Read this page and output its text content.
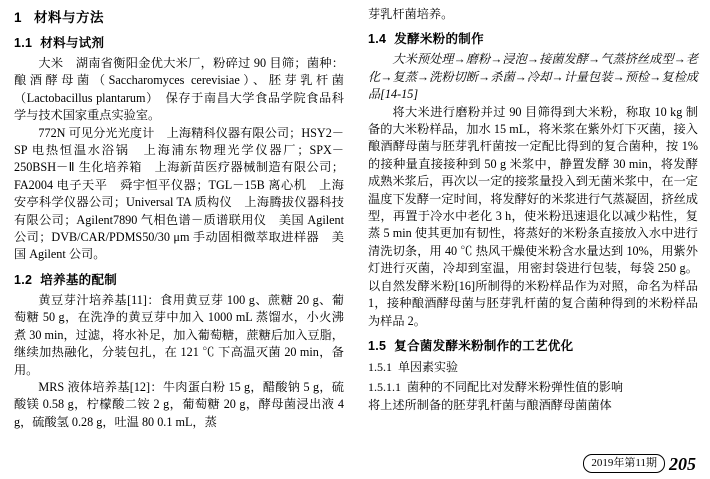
1 材料与方法
1.1 材料与试剂

大米　湖南省衡阳金优大米厂，粉碎过 90 目筛；菌种：酿酒酵母菌（Saccharomyces cerevisiae）、胚芽乳杆菌（Lactobacillus plantarum）　保存于南昌大学食品学院食品科学与技术国家重点实验室。

772N 可见分光光度计　上海精科仪器有限公司；HSY2－SP 电热恒温水浴锅　上海浦东物理光学仪器厂；SPX－250BSH－Ⅱ 生化培养箱　上海新苗医疗器械制造有限公司；FA2004 电子天平　舜宇恒平仪器；TGL－15B 离心机　上海安亭科学仪器公司；Universal TA 质构仪　上海腾拔仪器科技有限公司；Agilent7890 气相色谱－质谱联用仪　美国 Agilent 公司；DVB/CAR/PDMS50/30 μm 手动固相微萃取进样器　美国 Agilent 公司。

1.2 培养基的配制

黄豆芽汁培养基[11]：食用黄豆芽 100 g、蔗糖 20 g、葡萄糖 50 g，在洗净的黄豆芽中加入 1000 mL 蒸馏水，小火沸煮 30 min，过滤，将水补足，加入葡萄糖，蔗糖后加入豆脂，继续加热融化，分装包扎，在 121 ℃ 下高温灭菌 20 min，备用。

MRS 液体培养基[12]：牛肉蛋白粉 15 g，醋酸钠 5 g，硫酸镁 0.58 g，柠檬酸二铵 2 g，葡萄糖 20 g，酵母菌浸出液 4 g，硫酸氢 0.28 g，吐温 80 0.1 mL，蒸

芽乳杆菌培养。

1.4 发酵米粉的制作

大米预处理→磨粉→浸泡→接菌发酵→气蒸挤丝成型→老化→复蒸→洗粉切断→杀菌→冷却→计量包装→预检→复检成品[14-15]

将大米进行磨粉并过 90 目筛得到大米粉，称取 10 kg 制备的大米粉样品，加水 15 mL，将米浆在紫外灯下灭菌，接入酿酒酵母菌与胚芽乳杆菌按一定配比得到的复合菌种，按 1% 的接种量直接接种到 50 g 米浆中，静置发酵 30 min，将发酵成熟米浆后，再次以一定的接浆量投入到无菌米浆中，在一定温度下发酵一定时间，将发酵好的米浆进行气蒸凝固，挤丝成型，再置于冷水中老化 3 h，使米粉迅速退化以减少粘性，复蒸 5 min 使其更加有韧性，将蒸好的米粉条直接放入水中进行清洗切条，用 40 ℃ 热风干燥使米粉含水量达到 10%，用紫外灯进行灭菌，冷却到室温，用密封袋进行包装，每袋 250 g。以自然发酵米粉[16]所制得的米粉样品作为对照，命名为样品 1，接种酿酒酵母菌与胚芽乳杆菌的复合菌种得到的米粉样品为样品 2。

1.5 复合菌发酵米粉制作的工艺优化
1.5.1 单因素实验
1.5.1.1 菌种的不同配比对发酵米粉弹性值的影响

将上述所制备的胚芽乳杆菌与酿酒酵母菌菌体

2019年第11期 205
